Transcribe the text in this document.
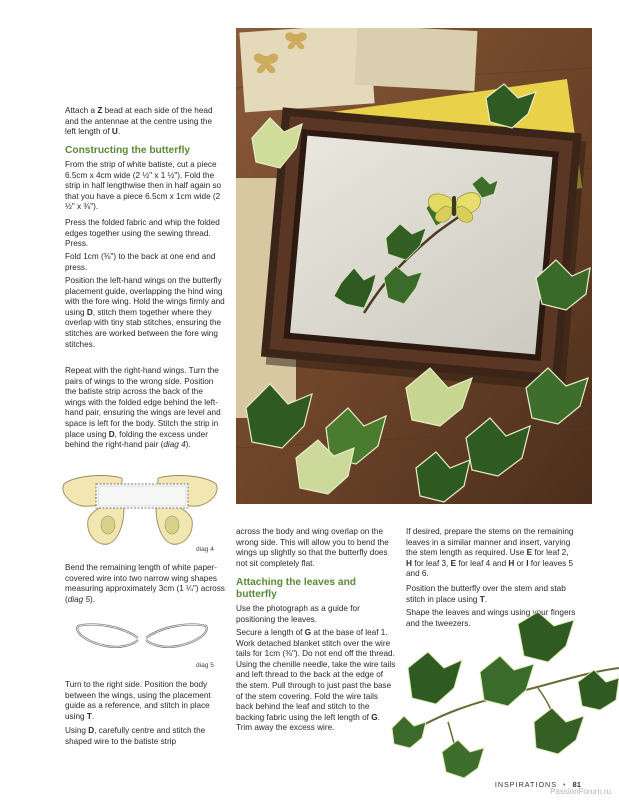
Attach a Z bead at each side of the head and the antennae at the centre using the left length of U.

Constructing the butterfly

From the strip of white batiste, cut a piece 6.5cm x 4cm wide (2 ½" x 1 ½"). Fold the strip in half lengthwise then in half again so that you have a piece 6.5cm x 1cm wide (2 ½" x ⅜").

Press the folded fabric and whip the folded edges together using the sewing thread. Press.

Fold 1cm (⅜") to the back at one end and press.

Position the left-hand wings on the butterfly placement guide, overlapping the hind wing with the fore wing. Hold the wings firmly and using D, stitch them together where they overlap with tiny stab stitches, ensuring the stitches are worked between the fore wing stitches.

Repeat with the right-hand wings. Turn the pairs of wings to the wrong side. Position the batiste strip across the back of the wings with the folded edge behind the left-hand pair, ensuring the wings are level and space is left for the body. Stitch the strip in place using D, folding the excess under behind the right-hand pair (diag 4).

diag 4

Bend the remaining length of white paper-covered wire into two narrow wing shapes measuring approximately 3cm (1 ¼") across (diag 5).

diag 5

Turn to the right side. Position the body between the wings, using the placement guide as a reference, and stitch in place using T.

Using D, carefully centre and stitch the shaped wire to the batiste strip

across the body and wing overlap on the wrong side. This will allow you to bend the wings up slightly so that the butterfly does not sit completely flat.

Attaching the leaves and butterfly

Use the photograph as a guide for positioning the leaves.

Secure a length of G at the base of leaf 1. Work detached blanket stitch over the wire tails for 1cm (⅜"). Do not end off the thread. Using the chenille needle, take the wire tails and left thread to the back at the edge of the stem. Pull through to just past the base of the stem covering. Fold the wire tails back behind the leaf and stitch to the backing fabric using the left length of G. Trim away the excess wire.

If desired, prepare the stems on the remaining leaves in a similar manner and insert, varying the stem length as required. Use E for leaf 2, H for leaf 3, E for leaf 4 and H or I for leaves 5 and 6.

Position the butterfly over the stem and stab stitch in place using T.

Shape the leaves and wings using your fingers and the tweezers.

INSPIRATIONS • 81
PassionForum.ru
